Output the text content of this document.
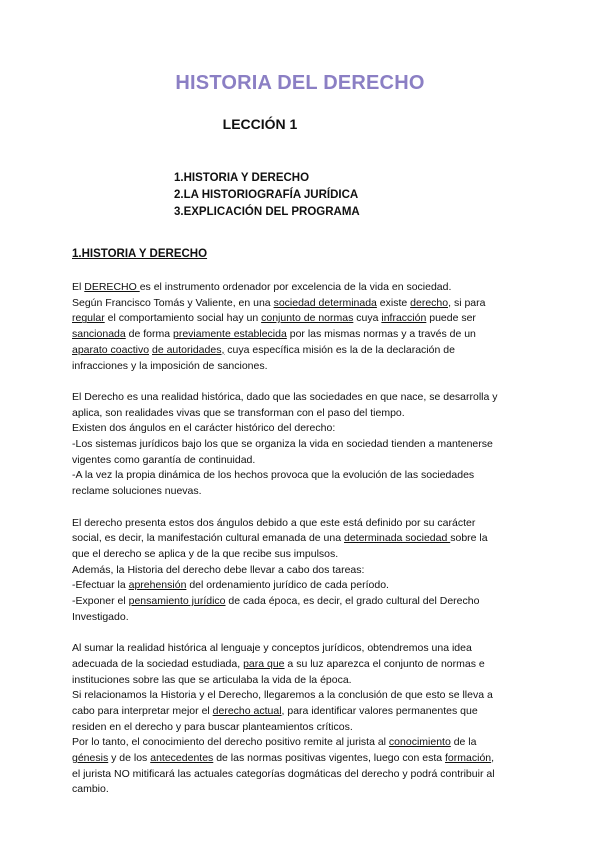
HISTORIA DEL DERECHO
LECCIÓN 1
1.HISTORIA Y DERECHO
2.LA HISTORIOGRAFÍA JURÍDICA
3.EXPLICACIÓN DEL PROGRAMA
1.HISTORIA Y DERECHO

El DERECHO es el instrumento ordenador por excelencia de la vida en sociedad.
Según Francisco Tomás y Valiente, en una sociedad determinada existe derecho, si para
regular el comportamiento social hay un conjunto de normas cuya infracción puede ser
sancionada de forma previamente establecida por las mismas normas y a través de un
aparato coactivo de autoridades, cuya específica misión es la de la declaración de
infracciones y la imposición de sanciones.

El Derecho es una realidad histórica, dado que las sociedades en que nace, se desarrolla y
aplica, son realidades vivas que se transforman con el paso del tiempo.
Existen dos ángulos en el carácter histórico del derecho:
-Los sistemas jurídicos bajo los que se organiza la vida en sociedad tienden a mantenerse
vigentes como garantía de continuidad.
-A la vez la propia dinámica de los hechos provoca que la evolución de las sociedades
reclame soluciones nuevas.

El derecho presenta estos dos ángulos debido a que este está definido por su carácter
social, es decir, la manifestación cultural emanada de una determinada sociedad sobre la
que el derecho se aplica y de la que recibe sus impulsos.
Además, la Historia del derecho debe llevar a cabo dos tareas:
-Efectuar la aprehensión del ordenamiento jurídico de cada período.
-Exponer el pensamiento jurídico de cada época, es decir, el grado cultural del Derecho
Investigado.

Al sumar la realidad histórica al lenguaje y conceptos jurídicos, obtendremos una idea
adecuada de la sociedad estudiada, para que a su luz aparezca el conjunto de normas e
instituciones sobre las que se articulaba la vida de la época.
Si relacionamos la Historia y el Derecho, llegaremos a la conclusión de que esto se lleva a
cabo para interpretar mejor el derecho actual, para identificar valores permanentes que
residen en el derecho y para buscar planteamientos críticos.
Por lo tanto, el conocimiento del derecho positivo remite al jurista al conocimiento de la
génesis y de los antecedentes de las normas positivas vigentes, luego con esta formación,
el jurista NO mitificará las actuales categorías dogmáticas del derecho y podrá contribuir al
cambio.
